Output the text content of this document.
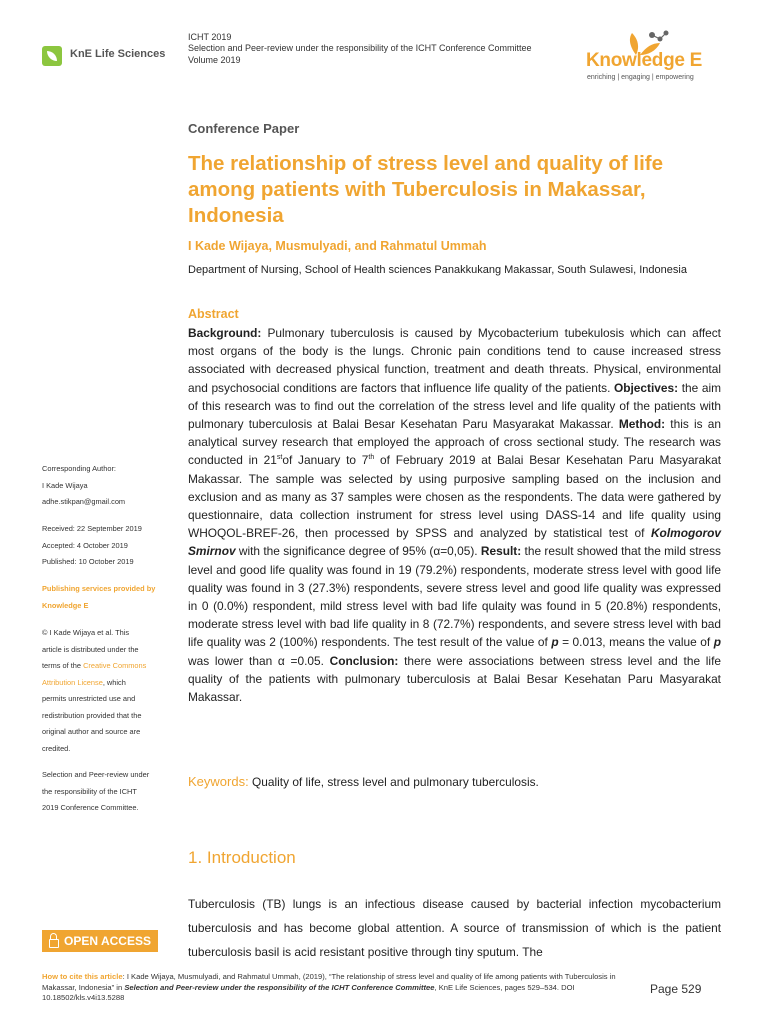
KnE Life Sciences
ICHT 2019
Selection and Peer-review under the responsibility of the ICHT Conference Committee
Volume 2019	Knowledge E
enriching | engaging | empowering
Conference Paper
The relationship of stress level and quality of life among patients with Tuberculosis in Makassar, Indonesia
I Kade Wijaya, Musmulyadi, and Rahmatul Ummah
Department of Nursing, School of Health sciences Panakkukang Makassar, South Sulawesi, Indonesia
Abstract
Background: Pulmonary tuberculosis is caused by Mycobacterium tubekulosis which can affect most organs of the body is the lungs. Chronic pain conditions tend to cause increased stress associated with decreased physical function, treatment and death threats. Physical, environmental and psychosocial conditions are factors that influence life quality of the patients. Objectives: the aim of this research was to find out the correlation of the stress level and life quality of the patients with pulmonary tuberculosis at Balai Besar Kesehatan Paru Masyarakat Makassar. Method: this is an analytical survey research that employed the approach of cross sectional study. The research was conducted in 21stof January to 7th of February 2019 at Balai Besar Kesehatan Paru Masyarakat Makassar. The sample was selected by using purposive sampling based on the inclusion and exclusion and as many as 37 samples were chosen as the respondents. The data were gathered by questionnaire, data collection instrument for stress level using DASS-14 and life quality using WHOQOL-BREF-26, then processed by SPSS and analyzed by statistical test of Kolmogorov Smirnov with the significance degree of 95% (α=0,05). Result: the result showed that the mild stress level and good life quality was found in 19 (79.2%) respondents, moderate stress level with good life quality was found in 3 (27.3%) respondents, severe stress level and good life quality was expressed in 0 (0.0%) respondent, mild stress level with bad life qulaity was found in 5 (20.8%) respondents, moderate stress level with bad life quality in 8 (72.7%) respondents, and severe stress level with bad life quality was 2 (100%) respondents. The test result of the value of p = 0.013, means the value of p was lower than α =0.05. Conclusion: there were associations between stress level and the life quality of the patients with pulmonary tuberculosis at Balai Besar Kesehatan Paru Masyarakat Makassar.
Keywords: Quality of life, stress level and pulmonary tuberculosis.
1. Introduction
Tuberculosis (TB) lungs is an infectious disease caused by bacterial infection mycobacterium tuberculosis and has become global attention. A source of transmission of which is the patient tuberculosis basil is acid resistant positive through tiny sputum. The
Corresponding Author:
I Kade Wijaya
adhe.stikpan@gmail.com
Received: 22 September 2019
Accepted: 4 October 2019
Published: 10 October 2019
Publishing services provided by
Knowledge E
© I Kade Wijaya et al. This
article is distributed under the
terms of the Creative Commons
Attribution License, which
permits unrestricted use and
redistribution provided that the
original author and source are
credited.
Selection and Peer-review under
the responsibility of the ICHT
2019 Conference Committee.
OPEN ACCESS
How to cite this article: I Kade Wijaya, Musmulyadi, and Rahmatul Ummah, (2019), “The relationship of stress level and quality of life among patients with Tuberculosis in Makassar, Indonesia” in Selection and Peer-review under the responsibility of the ICHT Conference Committee, KnE Life Sciences, pages 529–534. DOI 10.18502/kls.v4i13.5288
Page 529
